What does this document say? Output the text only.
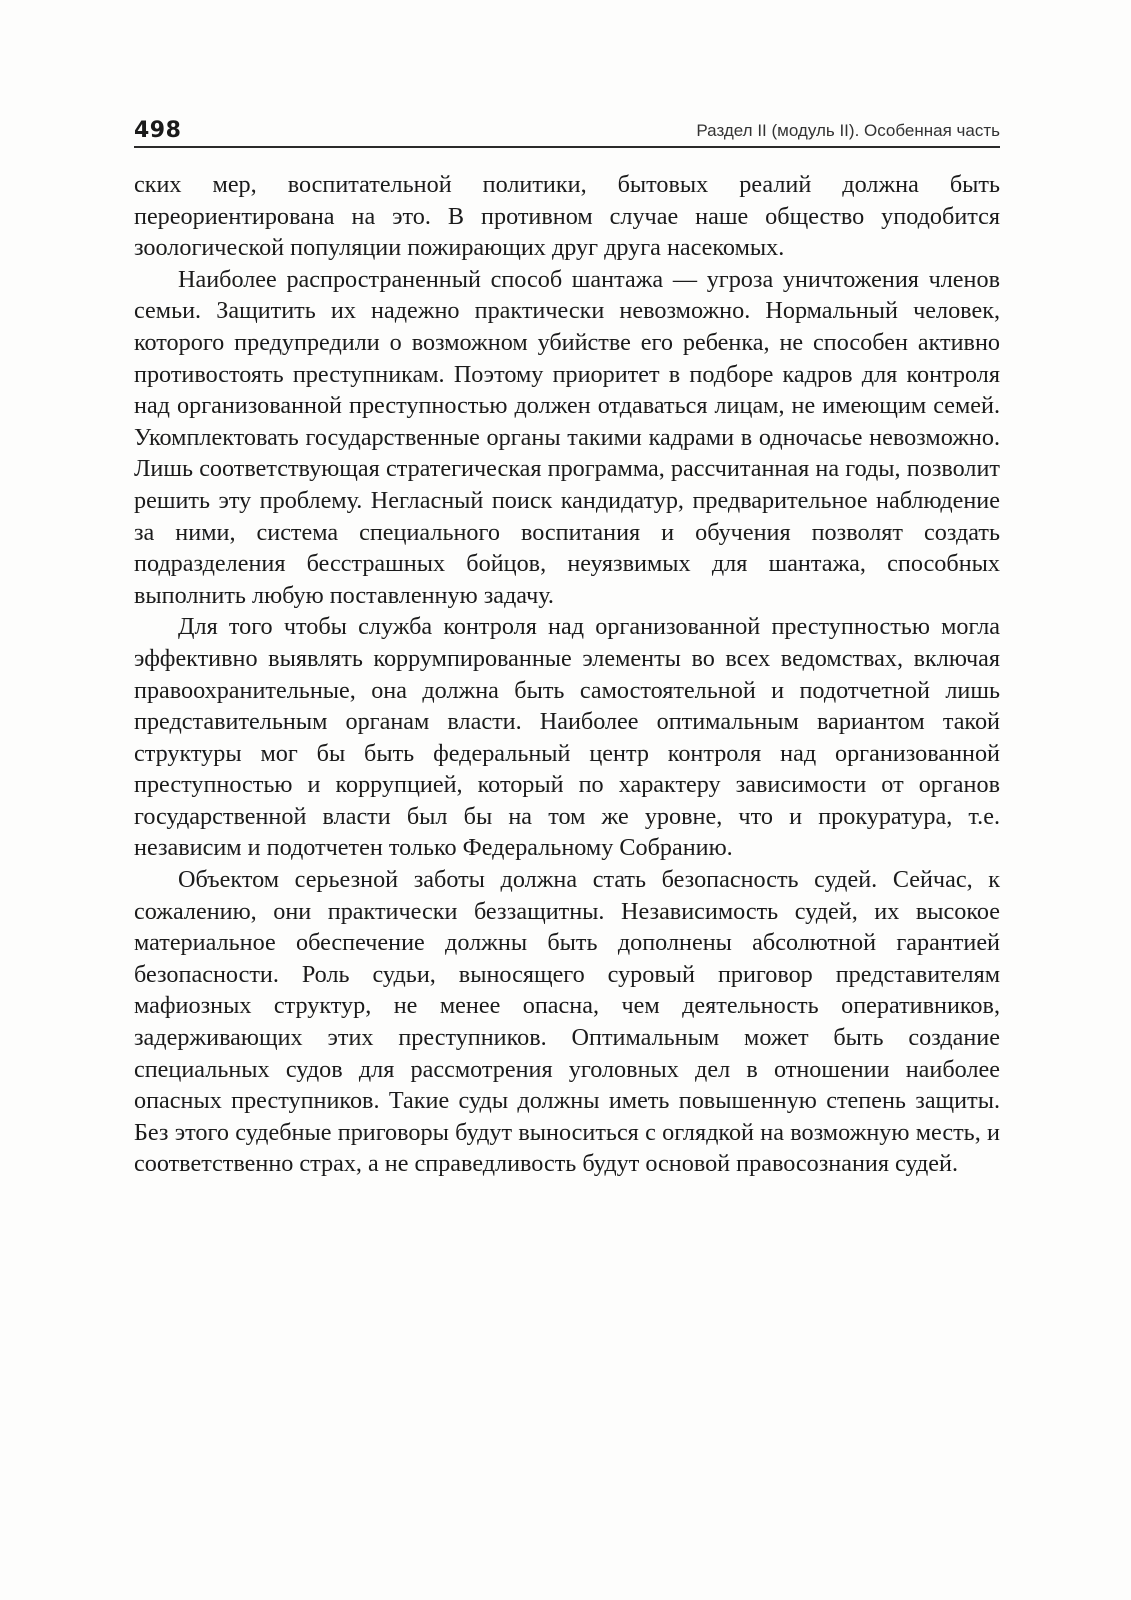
498	Раздел II (модуль II). Особенная часть

ских мер, воспитательной политики, бытовых реалий должна быть переориентирована на это. В противном случае наше общество уподобится зоологической популяции пожирающих друг друга насекомых.

Наиболее распространенный способ шантажа — угроза уничтожения членов семьи. Защитить их надежно практически невозможно. Нормальный человек, которого предупредили о возможном убийстве его ребенка, не способен активно противостоять преступникам. Поэтому приоритет в подборе кадров для контроля над организованной преступностью должен отдаваться лицам, не имеющим семей. Укомплектовать государственные органы такими кадрами в одночасье невозможно. Лишь соответствующая стратегическая программа, рассчитанная на годы, позволит решить эту проблему. Негласный поиск кандидатур, предварительное наблюдение за ними, система специального воспитания и обучения позволят создать подразделения бесстрашных бойцов, неуязвимых для шантажа, способных выполнить любую поставленную задачу.

Для того чтобы служба контроля над организованной преступностью могла эффективно выявлять коррумпированные элементы во всех ведомствах, включая правоохранительные, она должна быть самостоятельной и подотчетной лишь представительным органам власти. Наиболее оптимальным вариантом такой структуры мог бы быть федеральный центр контроля над организованной преступностью и коррупцией, который по характеру зависимости от органов государственной власти был бы на том же уровне, что и прокуратура, т.е. независим и подотчетен только Федеральному Собранию.

Объектом серьезной заботы должна стать безопасность судей. Сейчас, к сожалению, они практически беззащитны. Независимость судей, их высокое материальное обеспечение должны быть дополнены абсолютной гарантией безопасности. Роль судьи, выносящего суровый приговор представителям мафиозных структур, не менее опасна, чем деятельность оперативников, задерживающих этих преступников. Оптимальным может быть создание специальных судов для рассмотрения уголовных дел в отношении наиболее опасных преступников. Такие суды должны иметь повышенную степень защиты. Без этого судебные приговоры будут выноситься с оглядкой на возможную месть, и соответственно страх, а не справедливость будут основой правосознания судей.
